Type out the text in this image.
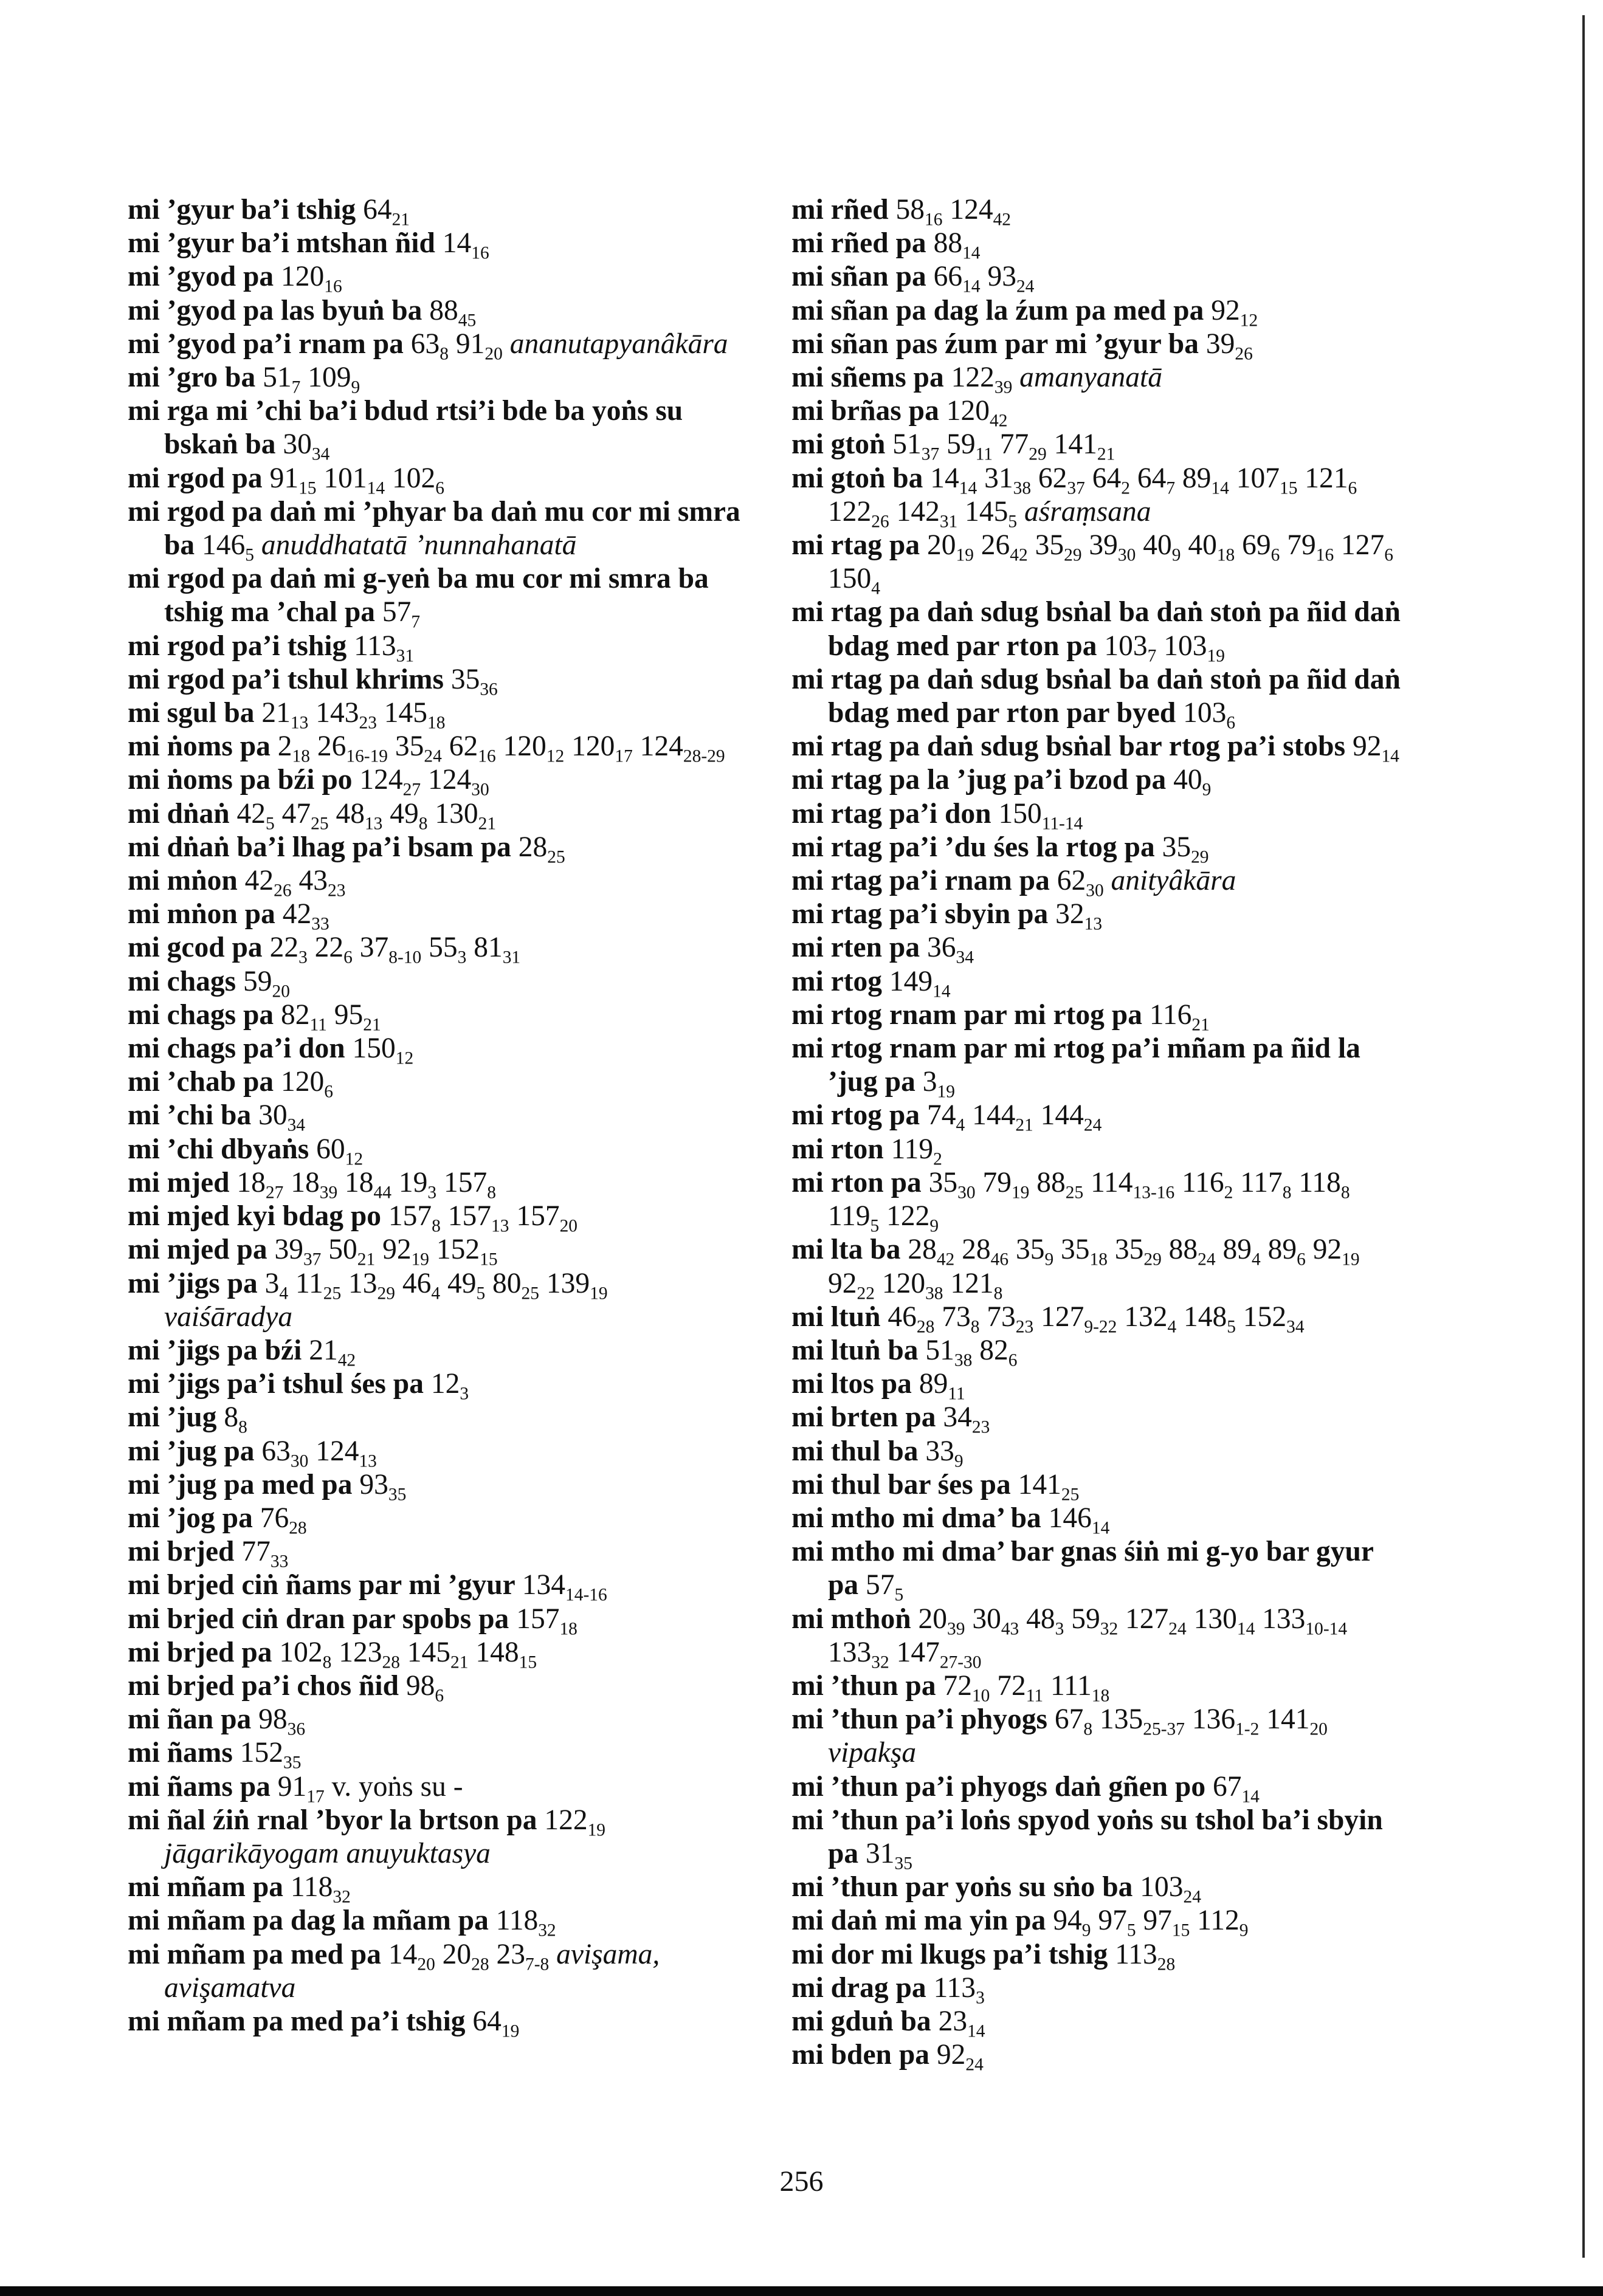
mi ’gyur ba’i tshig $64_{21}$

mi ’gyur ba’i mtshan ñid $14_{16}$

mi ’gyod pa $120_{16}$

mi ’gyod pa las byuṅ ba $88_{45}$

mi ’gyod pa’i rnam pa $63_8$ $91_{20}$ ananutapyanâkāra

mi ’gro ba $51_7$ $109_9$

mi rga mi ’chi ba’i bdud rtsi’i bde ba yoṅs su bskaṅ ba $30_{34}$

mi rgod pa $91_{15}$ $101_{14}$ $102_6$

mi rgod pa daṅ mi ’phyar ba daṅ mu cor mi smra ba $146_5$ anuddhatatā ’nunnahanatā

mi rgod pa daṅ mi g-yeṅ ba mu cor mi smra ba tshig ma ’chal pa $57_7$

mi rgod pa’i tshig $113_{31}$

mi rgod pa’i tshul khrims $35_{36}$

mi sgul ba $21_{13}$ $143_{23}$ $145_{18}$

mi ṅoms pa $2_{18}$ $26_{16-19}$ $35_{24}$ $62_{16}$ $120_{12}$ $120_{17}$ $124_{28-29}$

mi ṅoms pa bźi po $124_{27}$ $124_{30}$

mi dṅaṅ $42_5$ $47_{25}$ $48_{13}$ $49_8$ $130_{21}$

mi dṅaṅ ba’i lhag pa’i bsam pa $28_{25}$

mi mṅon $42_{26}$ $43_{23}$

mi mṅon pa $42_{33}$

mi gcod pa $22_3$ $22_6$ $37_{8-10}$ $55_3$ $81_{31}$

mi chags $59_{20}$

mi chags pa $82_{11}$ $95_{21}$

mi chags pa’i don $150_{12}$

mi ’chab pa $120_6$

mi ’chi ba $30_{34}$

mi ’chi dbyaṅs $60_{12}$

mi mjed $18_{27}$ $18_{39}$ $18_{44}$ $19_3$ $157_8$

mi mjed kyi bdag po $157_8$ $157_{13}$ $157_{20}$

mi mjed pa $39_{37}$ $50_{21}$ $92_{19}$ $152_{15}$

mi ’jigs pa $3_4$ $11_{25}$ $13_{29}$ $46_4$ $49_5$ $80_{25}$ $139_{19}$ vaiśāradya

mi ’jigs pa bźi $21_{42}$

mi ’jigs pa’i tshul śes pa $12_3$

mi ’jug $8_8$

mi ’jug pa $63_{30}$ $124_{13}$

mi ’jug pa med pa $93_{35}$

mi ’jog pa $76_{28}$

mi brjed $77_{33}$

mi brjed ciṅ ñams par mi ’gyur $134_{14-16}$

mi brjed ciṅ dran par spobs pa $157_{18}$

mi brjed pa $102_8$ $123_{28}$ $145_{21}$ $148_{15}$

mi brjed pa’i chos ñid $98_6$

mi ñan pa $98_{36}$

mi ñams $152_{35}$

mi ñams pa $91_{17}$ v. yoṅs su -

mi ñal źiṅ rnal ’byor la brtson pa $122_{19}$ jāgarikāyogam anuyuktasya

mi mñam pa $118_{32}$

mi mñam pa dag la mñam pa $118_{32}$

mi mñam pa med pa $14_{20}$ $20_{28}$ $23_{7-8}$ avişama, avişamatva

mi mñam pa med pa’i tshig $64_{19}$

mi rñed $58_{16}$ $124_{42}$

mi rñed pa $88_{14}$

mi sñan pa $66_{14}$ $93_{24}$

mi sñan pa dag la źum pa med pa $92_{12}$

mi sñan pas źum par mi ’gyur ba $39_{26}$

mi sñems pa $122_{39}$ amanyanatā

mi brñas pa $120_{42}$

mi gtoṅ $51_{37}$ $59_{11}$ $77_{29}$ $141_{21}$

mi gtoṅ ba $14_{14}$ $31_{38}$ $62_{37}$ $64_2$ $64_7$ $89_{14}$ $107_{15}$ $121_6$ $122_{26}$ $142_{31}$ $145_5$ aśraṃsana

mi rtag pa $20_{19}$ $26_{42}$ $35_{29}$ $39_{30}$ $40_9$ $40_{18}$ $69_6$ $79_{16}$ $127_6$ $150_4$

mi rtag pa daṅ sdug bsṅal ba daṅ stoṅ pa ñid daṅ bdag med par rton pa $103_7$ $103_{19}$

mi rtag pa daṅ sdug bsṅal ba daṅ stoṅ pa ñid daṅ bdag med par rton par byed $103_6$

mi rtag pa daṅ sdug bsṅal bar rtog pa’i stobs $92_{14}$

mi rtag pa la ’jug pa’i bzod pa $40_9$

mi rtag pa’i don $150_{11-14}$

mi rtag pa’i ’du śes la rtog pa $35_{29}$

mi rtag pa’i rnam pa $62_{30}$ anityâkāra

mi rtag pa’i sbyin pa $32_{13}$

mi rten pa $36_{34}$

mi rtog $149_{14}$

mi rtog rnam par mi rtog pa $116_{21}$

mi rtog rnam par mi rtog pa’i mñam pa ñid la ’jug pa $3_{19}$

mi rtog pa $74_4$ $144_{21}$ $144_{24}$

mi rton $119_2$

mi rton pa $35_{30}$ $79_{19}$ $88_{25}$ $114_{13-16}$ $116_2$ $117_8$ $118_8$ $119_5$ $122_9$

mi lta ba $28_{42}$ $28_{46}$ $35_9$ $35_{18}$ $35_{29}$ $88_{24}$ $89_4$ $89_6$ $92_{19}$ $92_{22}$ $120_{38}$ $121_8$

mi ltuṅ $46_{28}$ $73_8$ $73_{23}$ $127_{9-22}$ $132_4$ $148_5$ $152_{34}$

mi ltuṅ ba $51_{38}$ $82_6$

mi ltos pa $89_{11}$

mi brten pa $34_{23}$

mi thul ba $33_9$

mi thul bar śes pa $141_{25}$

mi mtho mi dma’ ba $146_{14}$

mi mtho mi dma’ bar gnas śiṅ mi g-yo bar gyur pa $57_5$

mi mthoṅ $20_{39}$ $30_{43}$ $48_3$ $59_{32}$ $127_{24}$ $130_{14}$ $133_{10-14}$ $133_{32}$ $147_{27-30}$

mi ’thun pa $72_{10}$ $72_{11}$ $111_{18}$

mi ’thun pa’i phyogs $67_8$ $135_{25-37}$ $136_{1-2}$ $141_{20}$ vipakşa

mi ’thun pa’i phyogs daṅ gñen po $67_{14}$

mi ’thun pa’i loṅs spyod yoṅs su tshol ba’i sbyin pa $31_{35}$

mi ’thun par yoṅs su sṅo ba $103_{24}$

mi daṅ mi ma yin pa $94_9$ $97_5$ $97_{15}$ $112_9$

mi dor mi lkugs pa’i tshig $113_{28}$

mi drag pa $113_3$

mi gduṅ ba $23_{14}$

mi bden pa $92_{24}$

256
